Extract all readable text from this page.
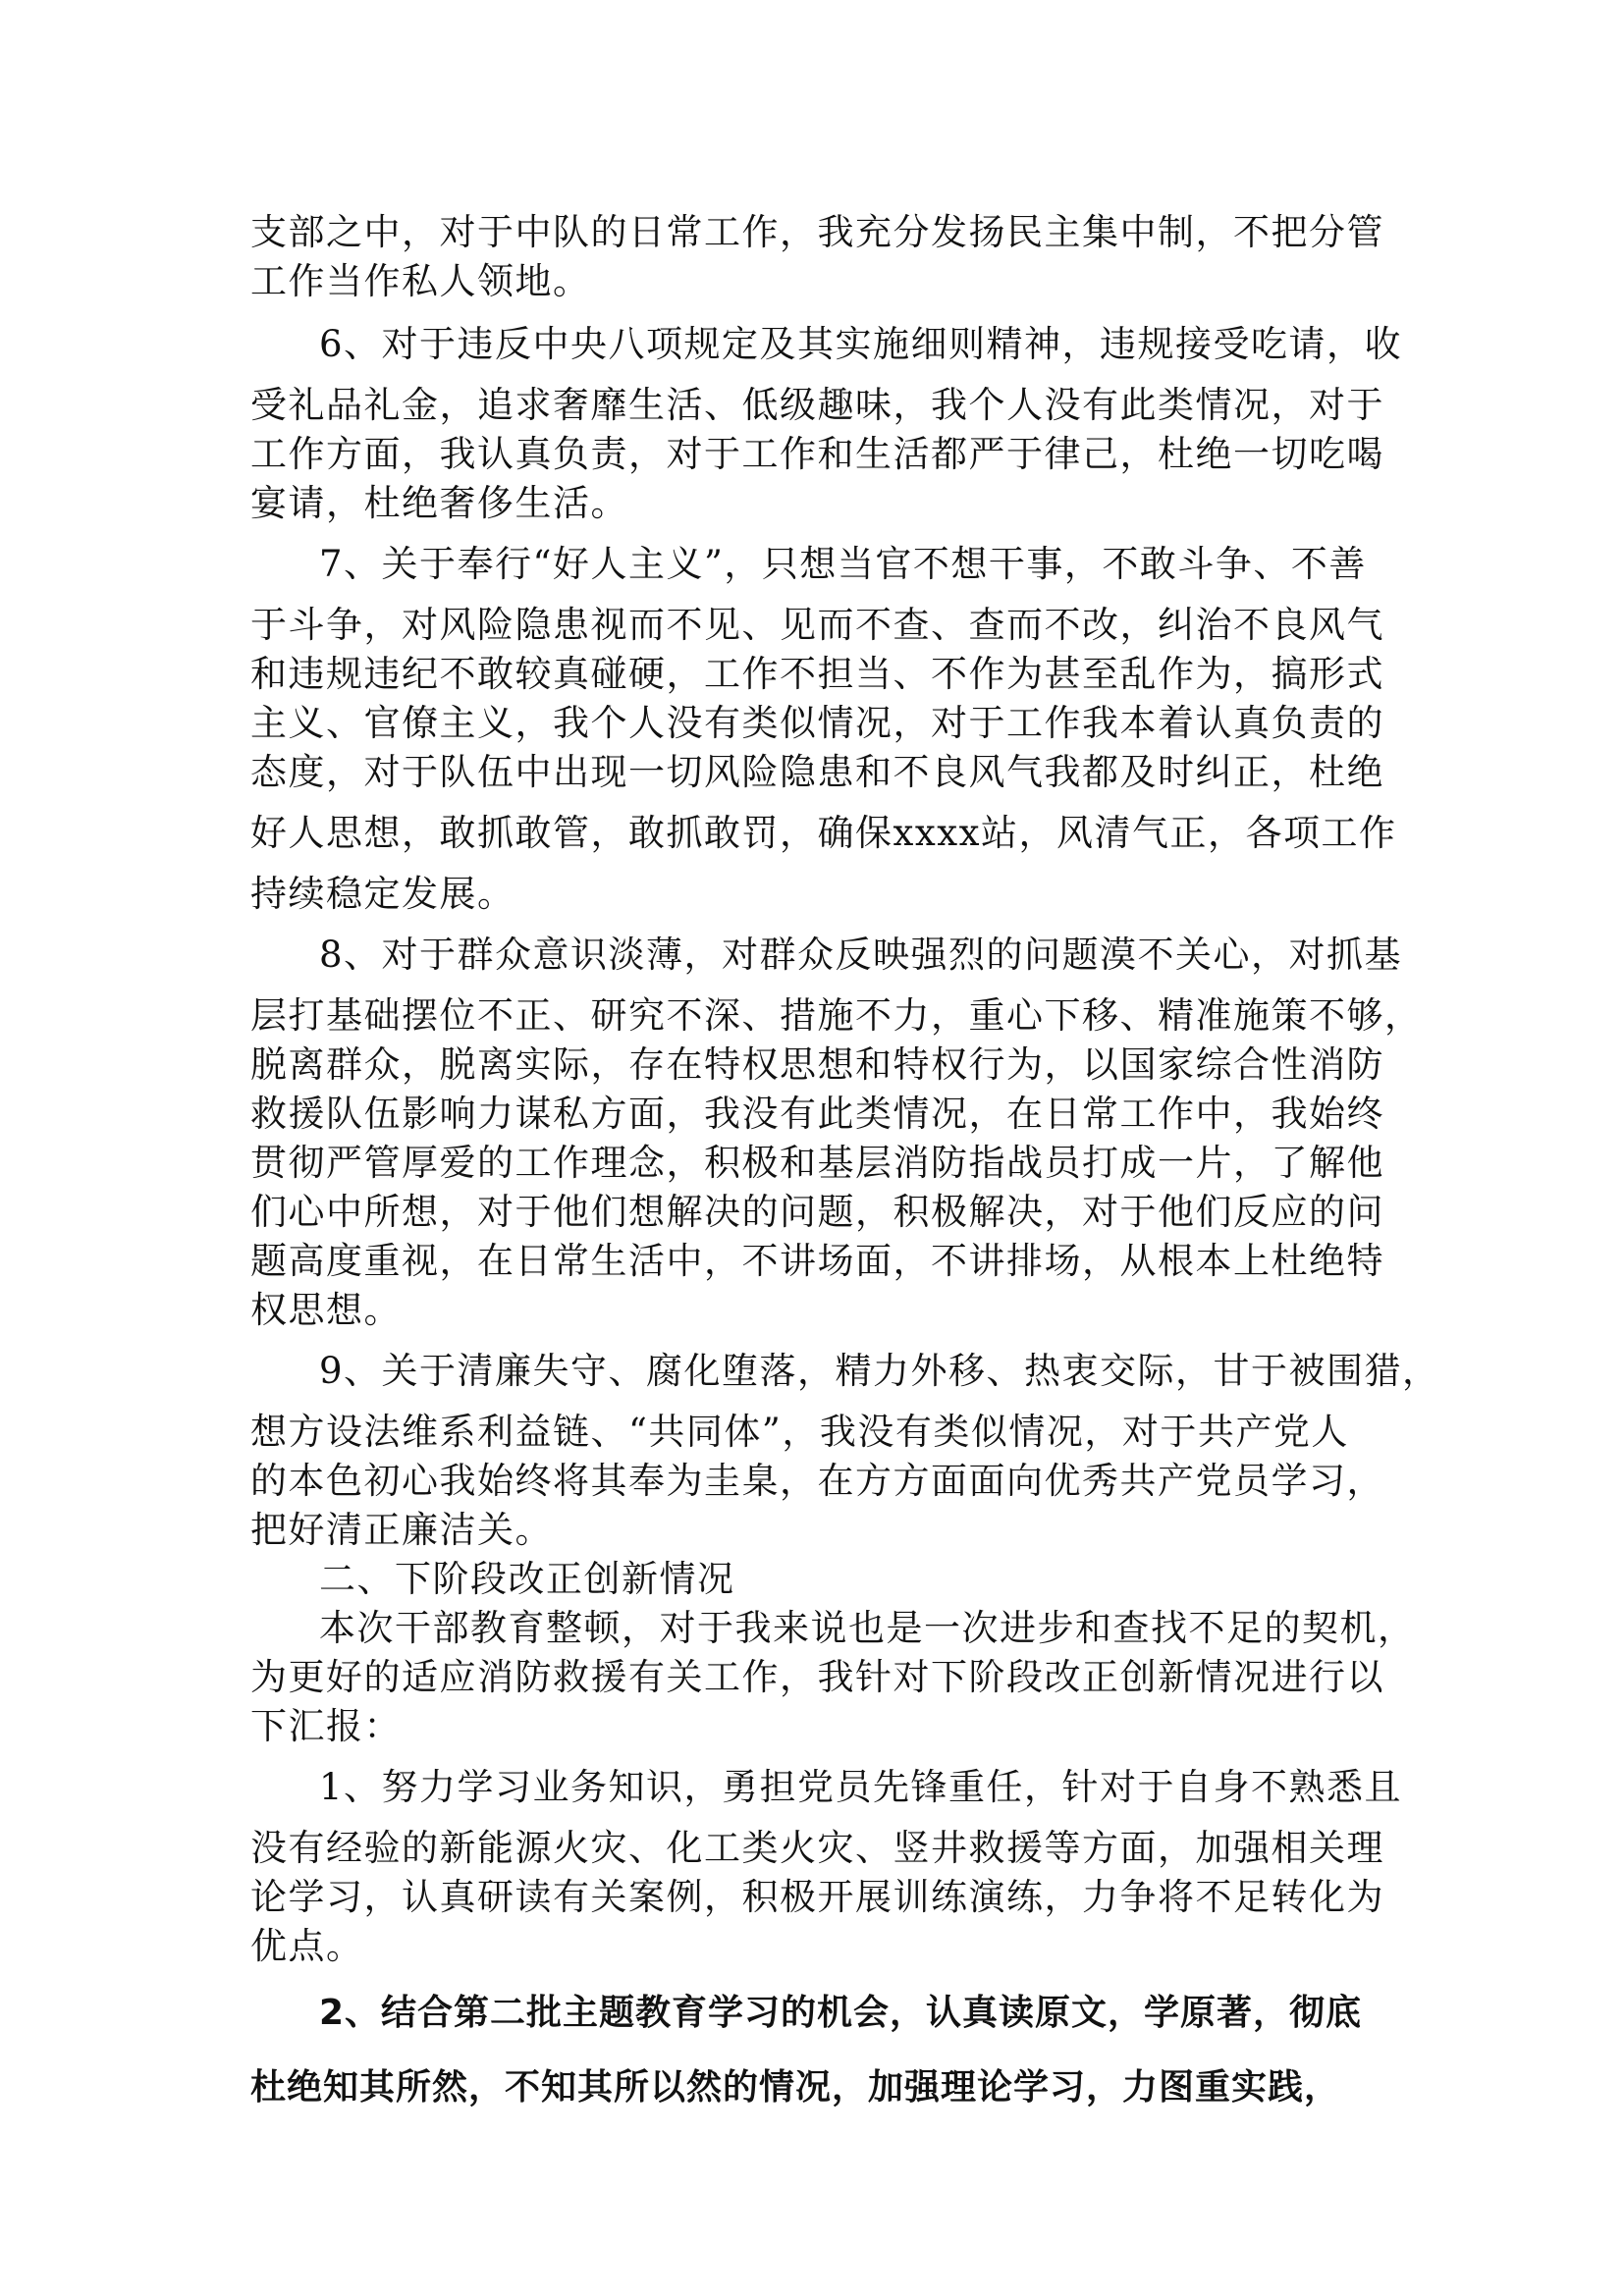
支部之中，对于中队的日常工作，我充分发扬民主集中制，不把分管

工作当作私人领地。

6、对于违反中央八项规定及其实施细则精神，违规接受吃请，收

受礼品礼金，追求奢靡生活、低级趣味，我个人没有此类情况，对于

工作方面，我认真负责，对于工作和生活都严于律己，杜绝一切吃喝

宴请，杜绝奢侈生活。

7、关于奉行“好人主义”，只想当官不想干事，不敢斗争、不善

于斗争，对风险隐患视而不见、见而不查、查而不改，纠治不良风气

和违规违纪不敢较真碰硬，工作不担当、不作为甚至乱作为，搞形式

主义、官僚主义，我个人没有类似情况，对于工作我本着认真负责的

态度，对于队伍中出现一切风险隐患和不良风气我都及时纠正，杜绝

好人思想，敢抓敢管，敢抓敢罚，确保xxxx站，风清气正，各项工作

持续稳定发展。

8、对于群众意识淡薄，对群众反映强烈的问题漠不关心，对抓基

层打基础摆位不正、研究不深、措施不力，重心下移、精准施策不够，

脱离群众，脱离实际，存在特权思想和特权行为，以国家综合性消防

救援队伍影响力谋私方面，我没有此类情况，在日常工作中，我始终

贯彻严管厚爱的工作理念，积极和基层消防指战员打成一片，了解他

们心中所想，对于他们想解决的问题，积极解决，对于他们反应的问

题高度重视，在日常生活中，不讲场面，不讲排场，从根本上杜绝特

权思想。

9、关于清廉失守、腐化堕落，精力外移、热衷交际，甘于被围猎，

想方设法维系利益链、“共同体”，我没有类似情况，对于共产党人

的本色初心我始终将其奉为圭臬，在方方面面向优秀共产党员学习，

把好清正廉洁关。

二、下阶段改正创新情况

本次干部教育整顿，对于我来说也是一次进步和查找不足的契机，

为更好的适应消防救援有关工作，我针对下阶段改正创新情况进行以

下汇报：

1、努力学习业务知识，勇担党员先锋重任，针对于自身不熟悉且

没有经验的新能源火灾、化工类火灾、竖井救援等方面，加强相关理

论学习，认真研读有关案例，积极开展训练演练，力争将不足转化为

优点。

2、结合第二批主题教育学习的机会，认真读原文，学原著，彻底

杜绝知其所然，不知其所以然的情况，加强理论学习，力图重实践，
